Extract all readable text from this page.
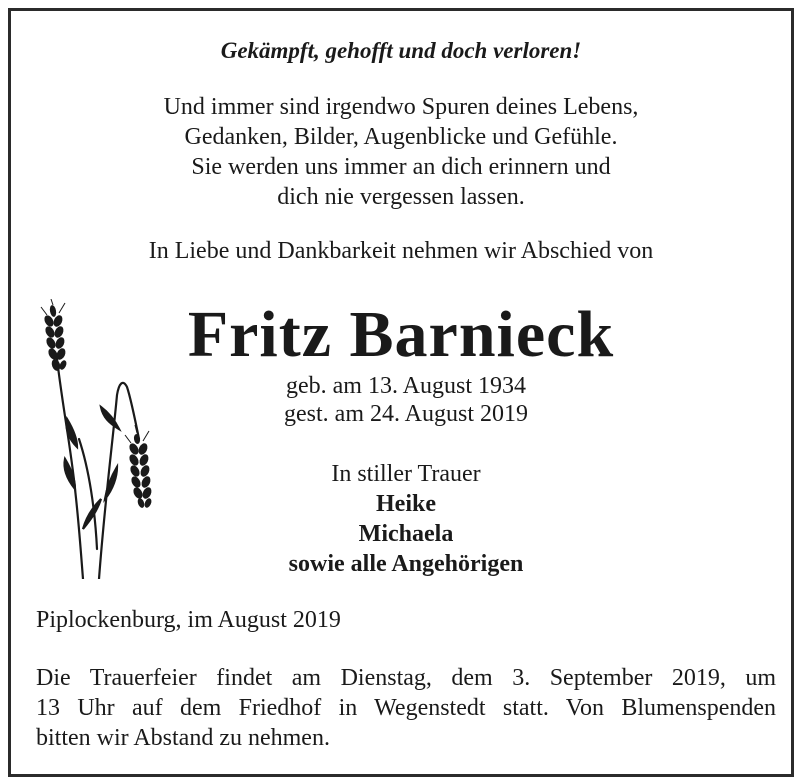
Gekämpft, gehofft und doch verloren!
Und immer sind irgendwo Spuren deines Lebens,
Gedanken, Bilder, Augenblicke und Gefühle.
Sie werden uns immer an dich erinnern und
dich nie vergessen lassen.
In Liebe und Dankbarkeit nehmen wir Abschied von
Fritz Barnieck
geb. am 13. August 1934
gest. am 24. August 2019
In stiller Trauer
Heike
Michaela
sowie alle Angehörigen
Piplockenburg, im August 2019
Die Trauerfeier findet am Dienstag, dem 3. September 2019, um
13 Uhr auf dem Friedhof in Wegenstedt statt. Von Blumenspenden
bitten wir Abstand zu nehmen.
